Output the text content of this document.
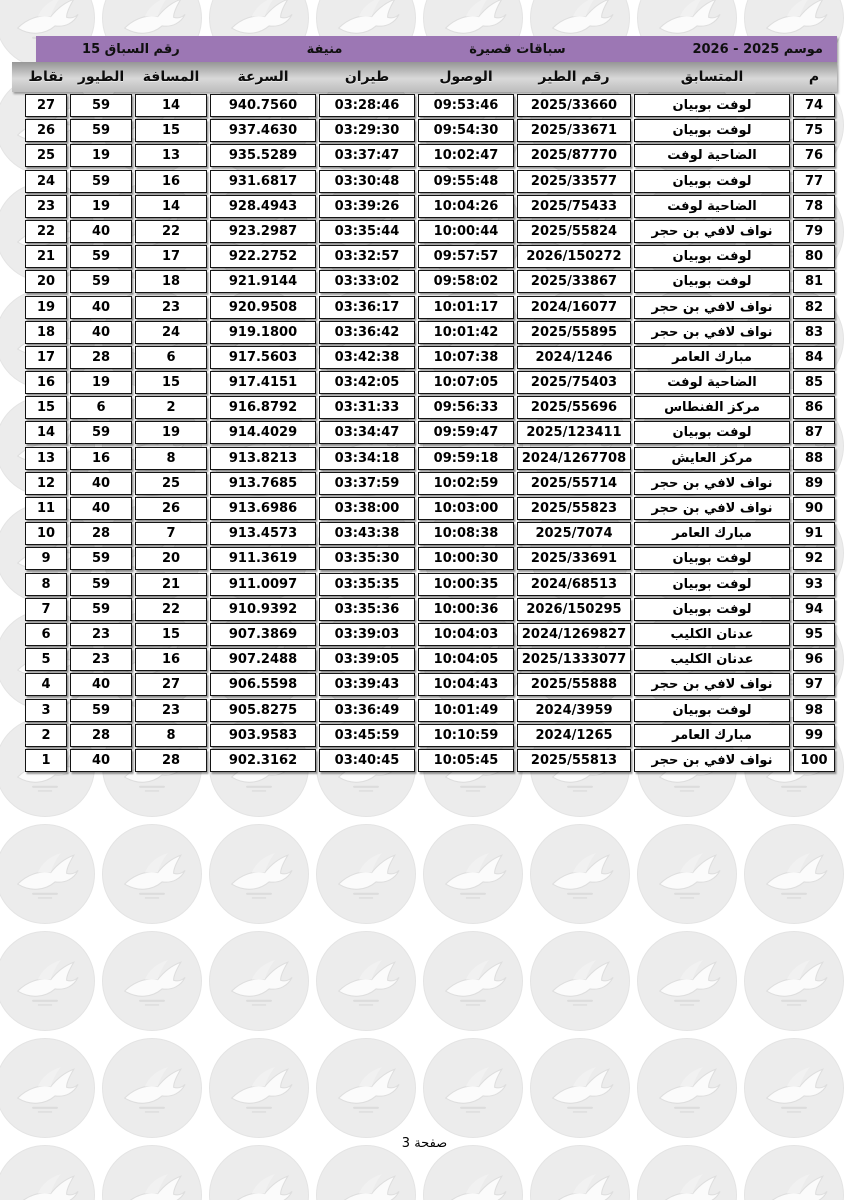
موسم 2025 - 2026
سباقات قصيرة
منيفة
رقم السباق 15
م
المتسابق
رقم الطير
الوصول
طيران
السرعة
المسافة
الطيور
نقاط
74
لوفت بوبيان
2025/33660
09:53:46
03:28:46
940.7560
14
59
27
75
لوفت بوبيان
2025/33671
09:54:30
03:29:30
937.4630
15
59
26
76
الضاحية لوفت
2025/87770
10:02:47
03:37:47
935.5289
13
19
25
77
لوفت بوبيان
2025/33577
09:55:48
03:30:48
931.6817
16
59
24
78
الضاحية لوفت
2025/75433
10:04:26
03:39:26
928.4943
14
19
23
79
نواف لافي بن حجر
2025/55824
10:00:44
03:35:44
923.2987
22
40
22
80
لوفت بوبيان
2026/150272
09:57:57
03:32:57
922.2752
17
59
21
81
لوفت بوبيان
2025/33867
09:58:02
03:33:02
921.9144
18
59
20
82
نواف لافي بن حجر
2024/16077
10:01:17
03:36:17
920.9508
23
40
19
83
نواف لافي بن حجر
2025/55895
10:01:42
03:36:42
919.1800
24
40
18
84
مبارك العامر
2024/1246
10:07:38
03:42:38
917.5603
6
28
17
85
الضاحية لوفت
2025/75403
10:07:05
03:42:05
917.4151
15
19
16
86
مركز الفنطاس
2025/55696
09:56:33
03:31:33
916.8792
2
6
15
87
لوفت بوبيان
2025/123411
09:59:47
03:34:47
914.4029
19
59
14
88
مركز العايش
2024/1267708
09:59:18
03:34:18
913.8213
8
16
13
89
نواف لافي بن حجر
2025/55714
10:02:59
03:37:59
913.7685
25
40
12
90
نواف لافي بن حجر
2025/55823
10:03:00
03:38:00
913.6986
26
40
11
91
مبارك العامر
2025/7074
10:08:38
03:43:38
913.4573
7
28
10
92
لوفت بوبيان
2025/33691
10:00:30
03:35:30
911.3619
20
59
9
93
لوفت بوبيان
2024/68513
10:00:35
03:35:35
911.0097
21
59
8
94
لوفت بوبيان
2026/150295
10:00:36
03:35:36
910.9392
22
59
7
95
عدنان الكليب
2024/1269827
10:04:03
03:39:03
907.3869
15
23
6
96
عدنان الكليب
2025/1333077
10:04:05
03:39:05
907.2488
16
23
5
97
نواف لافي بن حجر
2025/55888
10:04:43
03:39:43
906.5598
27
40
4
98
لوفت بوبيان
2024/3959
10:01:49
03:36:49
905.8275
23
59
3
99
مبارك العامر
2024/1265
10:10:59
03:45:59
903.9583
8
28
2
100
نواف لافي بن حجر
2025/55813
10:05:45
03:40:45
902.3162
28
40
1
صفحة 3
